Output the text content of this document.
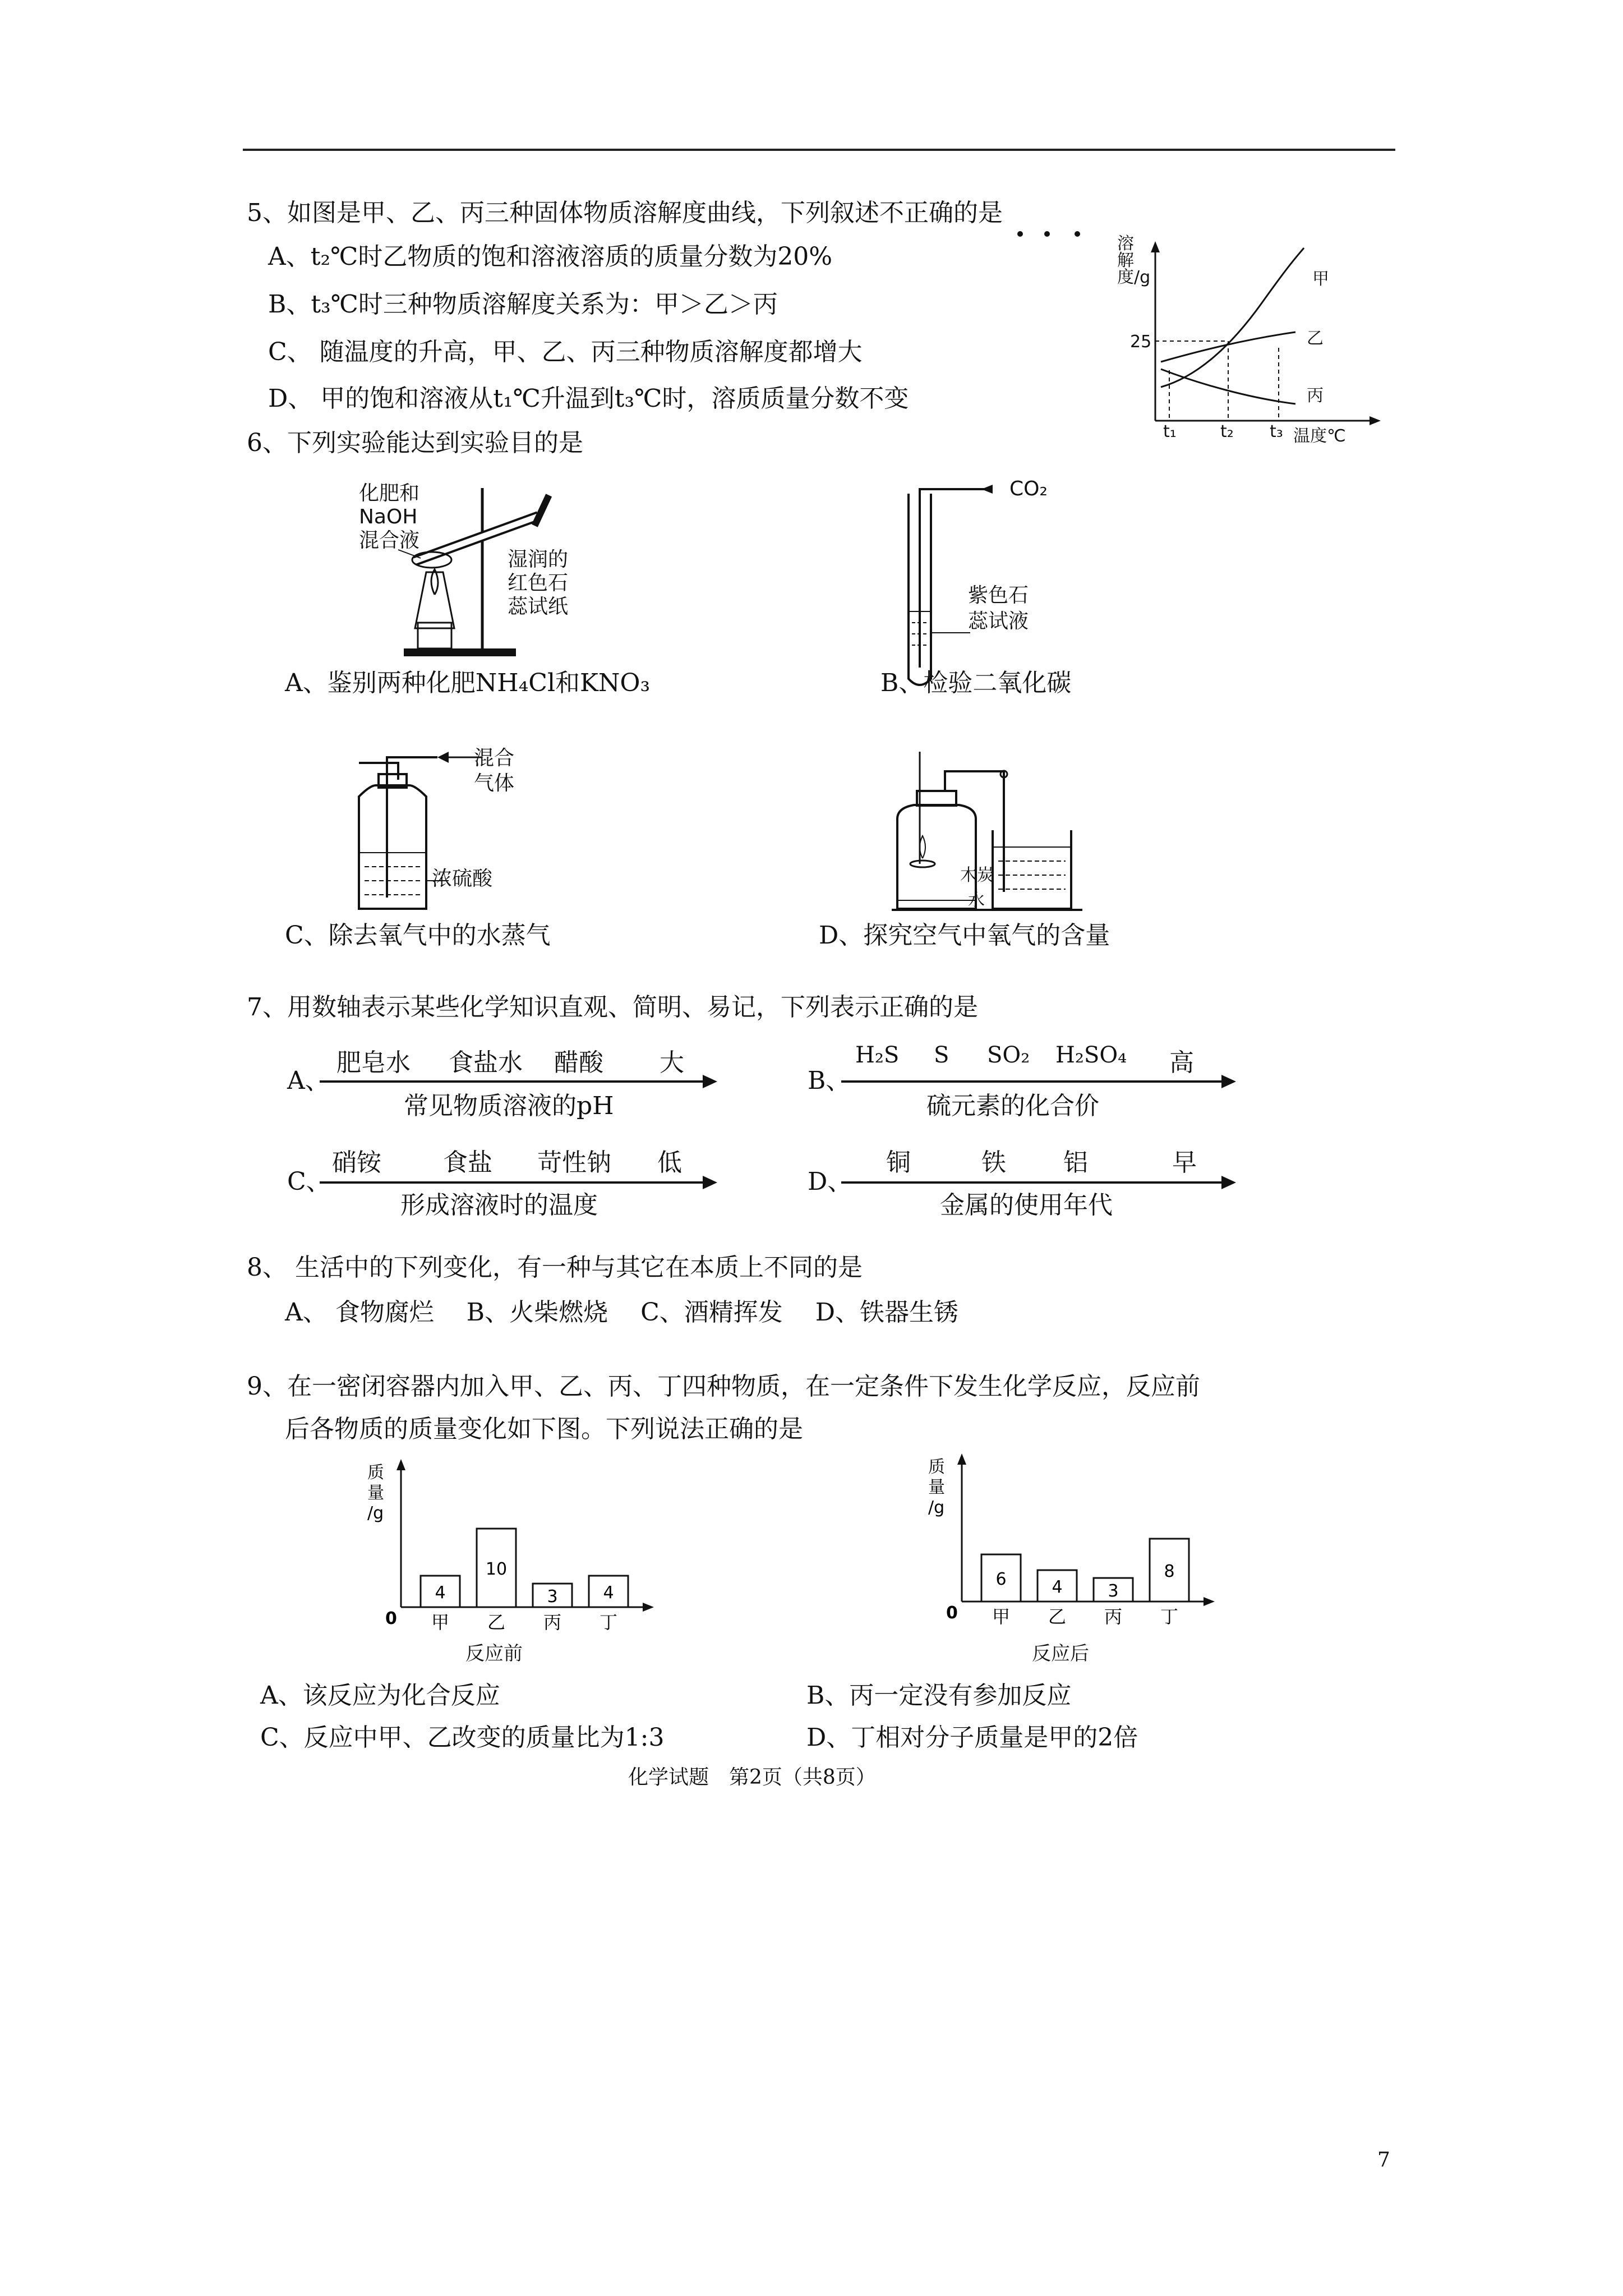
5、如图是甲、乙、丙三种固体物质溶解度曲线，下列叙述不正确的是
A、t₂℃时乙物质的饱和溶液溶质的质量分数为20%
B、t₃℃时三种物质溶解度关系为：甲＞乙＞丙
C、 随温度的升高，甲、乙、丙三种物质溶解度都增大
D、 甲的饱和溶液从t₁℃升温到t₃℃时，溶质质量分数不变
溶解度/g
25
t₁	t₂ t₃ 温度℃
甲
乙
丙
6、下列实验能达到实验目的是
化肥和
NaOH
混合液
湿润的
红色石
蕊试纸
CO₂
紫色石
蕊试液
A、鉴别两种化肥NH₄Cl和KNO₃	B、检验二氧化碳
混合
气体
浓硫酸	木炭
水
C、除去氧气中的水蒸气	D、探究空气中氧气的含量
7、用数轴表示某些化学知识直观、简明、易记，下列表示正确的是
A、
肥皂水 食盐水 醋酸 大
常见物质溶液的pH
B、
H₂S S SO₂ H₂SO₄ 高
硫元素的化合价
C、
硝铵	食盐 苛性钠 低
形成溶液时的温度
D、
铜	铁 铝	早
金属的使用年代
8、 生活中的下列变化，有一种与其它在本质上不同的是
A、 食物腐烂　 B、火柴燃烧　 C、酒精挥发　 D、铁器生锈
9、在一密闭容器内加入甲、乙、丙、丁四种物质，在一定条件下发生化学反应，反应前
后各物质的质量变化如下图。下列说法正确的是
质
量
/g
0
4
甲
10
乙
3
丙
4
丁
质
量
/g
0
6
甲
4
乙
3
丙
8
丁
反应前	反应后
A、该反应为化合反应	B、丙一定没有参加反应
C、反应中甲、乙改变的质量比为1:3	D、丁相对分子质量是甲的2倍
化学试题　第2页（共8页）
7
